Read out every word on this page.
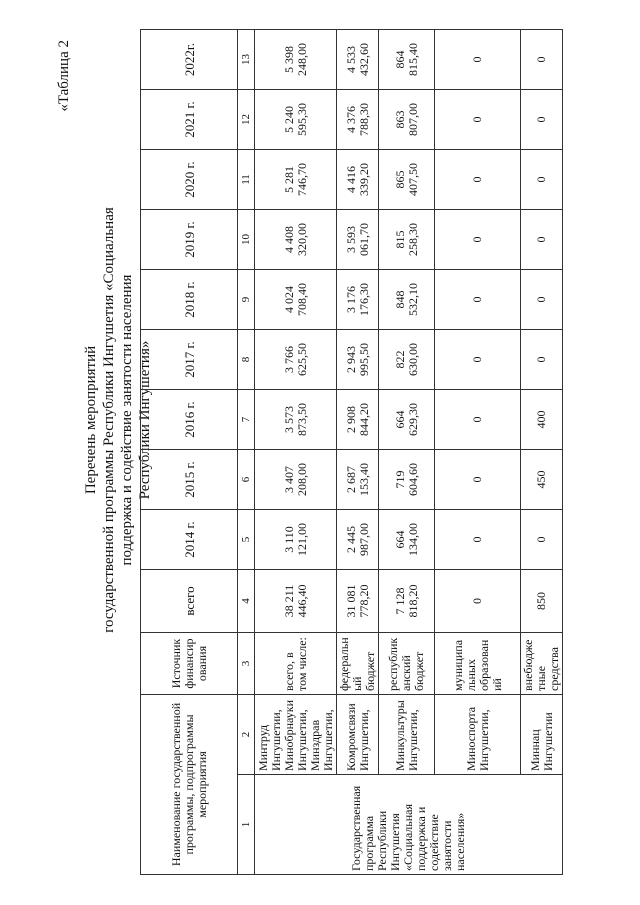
«Таблица 2
Перечень мероприятий государственной программы Республики Ингушетия «Социальная поддержка и содействие занятости населения Республики Ингушетия»
Наименование государственной программы, подпрограммы мероприятия		Источник финансирования	всего	2014 г.	2015 г.	2016 г.	2017 г.	2018 г.	2019 г.	2020 г.	2021 г.	2022г.
1	2	3	4	5	6	7	8	9	10	11	12	13
Государственная программа Республики Ингушетия «Социальная поддержка и содействие занятости населения»	Минтруд Ингушетии, Минобрнауки Ингушетии, Минздрав Ингушетии,	всего, в том числе:	38 211 446,40	3 110 121,00	3 407 208,00	3 573 873,50	3 766 625,50	4 024 708,40	4 408 320,00	5 281 746,70	5 240 595,30	5 398 248,00
	Комромсвязи Ингушетии,	федеральный бюджет	31 081 778,20	2 445 987,00	2 687 153,40	2 908 844,20	2 943 995,50	3 176 176,30	3 593 061,70	4 416 339,20	4 376 788,30	4 533 432,60
	Минкультуры Ингушетии,	республиканский бюджет	7 128 818,20	664 134,00	719 604,60	664 629,30	822 630,00	848 532,10	815 258,30	865 407,50	863 807,00	864 815,40
	Миноспорта Ингушетии,	муниципальных образований	0	0	0	0	0	0	0	0	0	0
	Миннац Ингушетии	внебюджетные средства	850	0	450	400	0	0	0	0	0	0
